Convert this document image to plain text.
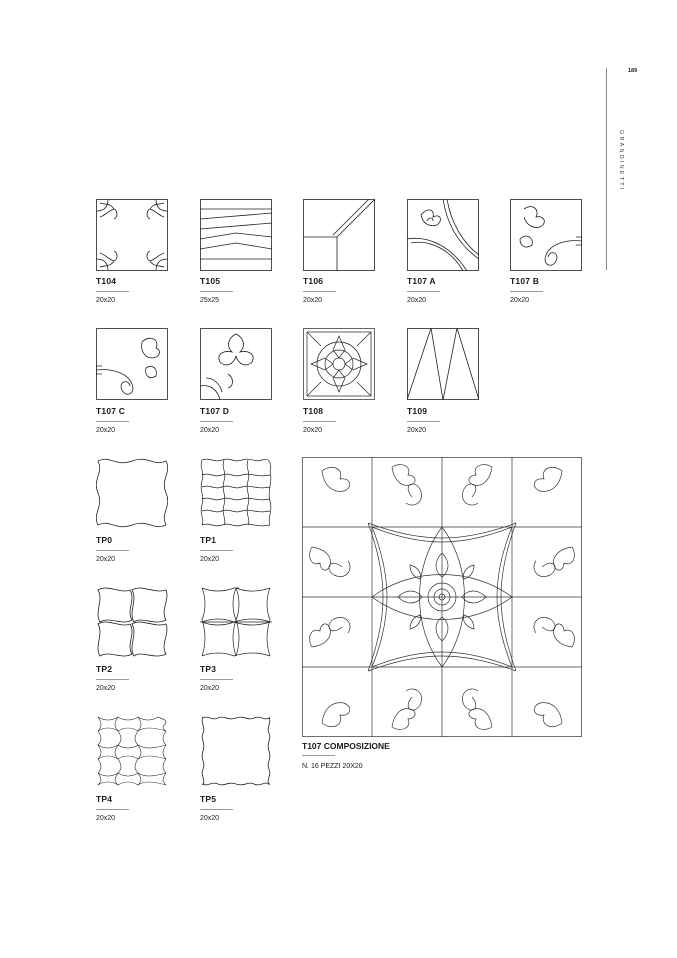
189
GRANDINETTI
T104
20x20
T105
25x25
T106
20x20
T107 A
20x20
T107 B
20x20
T107 C
20x20
T107 D
20x20
T108
20x20
T109
20x20
TP0
20x20
TP1
20x20
TP2
20x20
TP3
20x20
TP4
20x20
TP5
20x20
T107 COMPOSIZIONE
N. 16 PEZZI 20X20
